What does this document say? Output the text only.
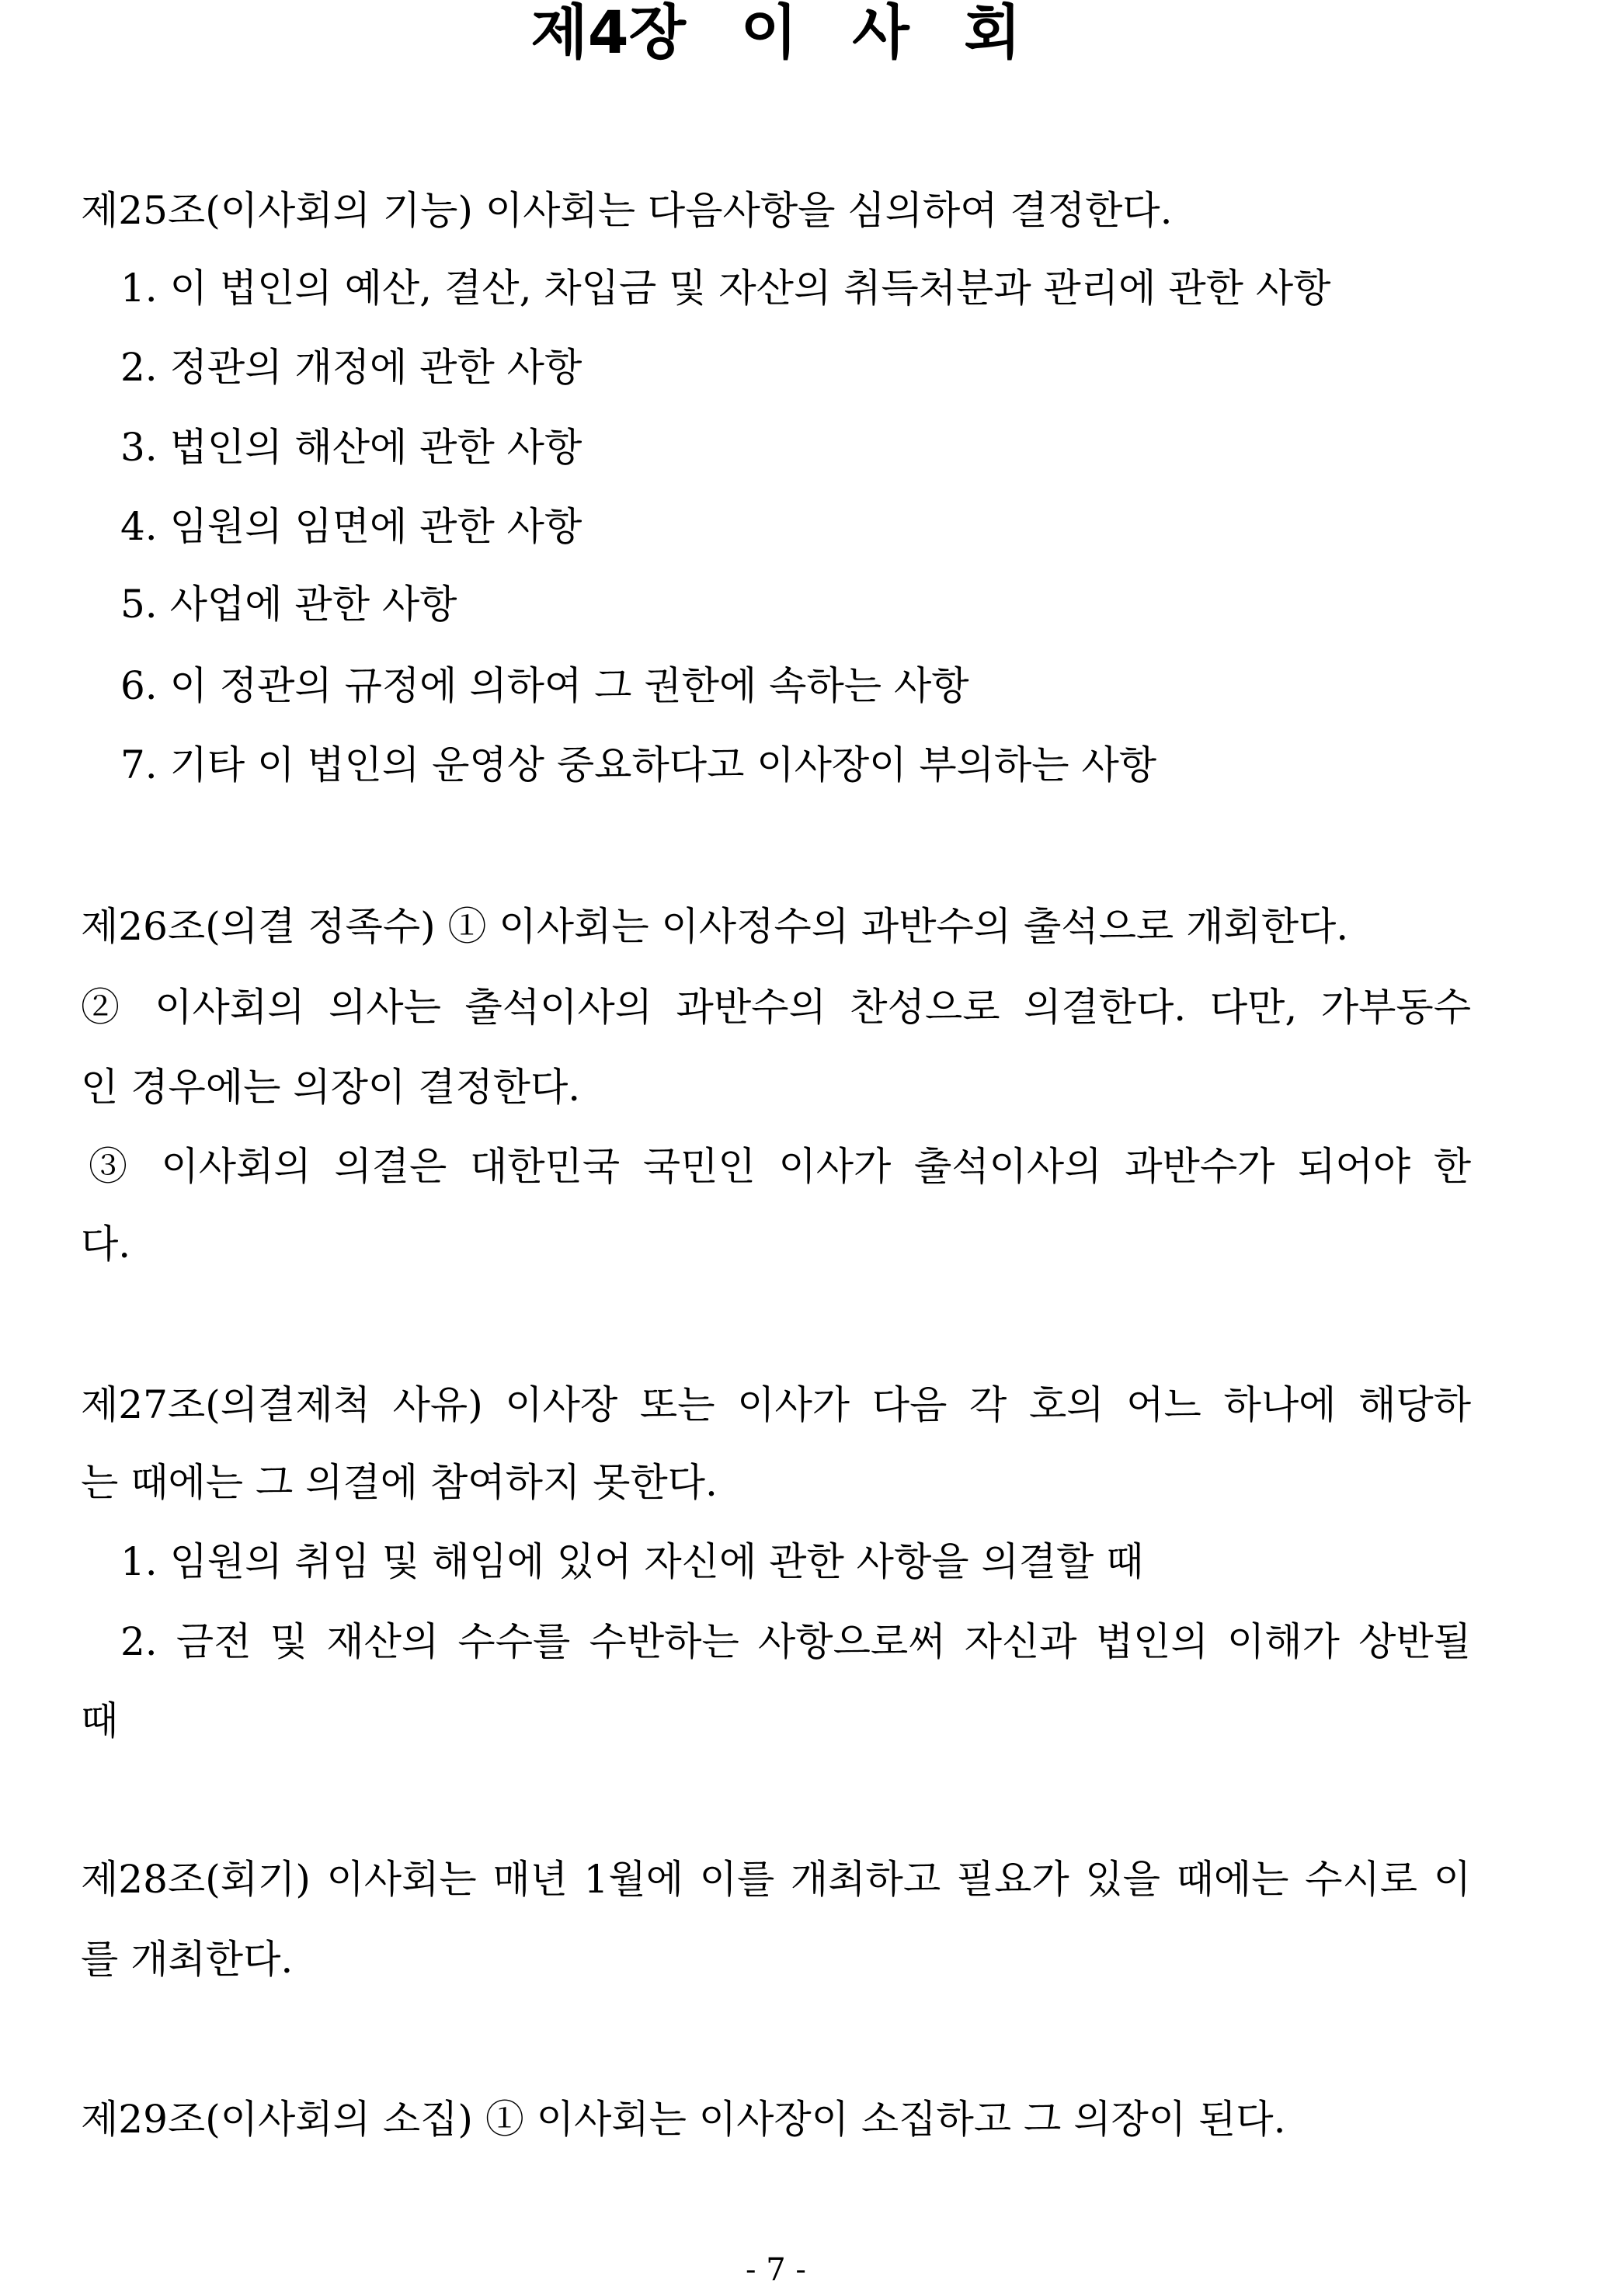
제4장 이 사 회
제25조(이사회의 기능) 이사회는 다음사항을 심의하여 결정한다.
1. 이 법인의 예산, 결산, 차입금 및 자산의 취득처분과 관리에 관한 사항
2. 정관의 개정에 관한 사항
3. 법인의 해산에 관한 사항
4. 임원의 임면에 관한 사항
5. 사업에 관한 사항
6. 이 정관의 규정에 의하여 그 권한에 속하는 사항
7. 기타 이 법인의 운영상 중요하다고 이사장이 부의하는 사항
제26조(의결 정족수) ① 이사회는 이사정수의 과반수의 출석으로 개회한다.
② 이사회의 의사는 출석이사의 과반수의 찬성으로 의결한다. 다만, 가부동수
인 경우에는 의장이 결정한다.
③ 이사회의 의결은 대한민국 국민인 이사가 출석이사의 과반수가 되어야 한
다.
제27조(의결제척 사유) 이사장 또는 이사가 다음 각 호의 어느 하나에 해당하
는 때에는 그 의결에 참여하지 못한다.
1. 임원의 취임 및 해임에 있어 자신에 관한 사항을 의결할 때
2. 금전 및 재산의 수수를 수반하는 사항으로써 자신과 법인의 이해가 상반될
때
제28조(회기) 이사회는 매년 1월에 이를 개최하고 필요가 있을 때에는 수시로 이
를 개최한다.
제29조(이사회의 소집) ① 이사회는 이사장이 소집하고 그 의장이 된다.
- 7 -
